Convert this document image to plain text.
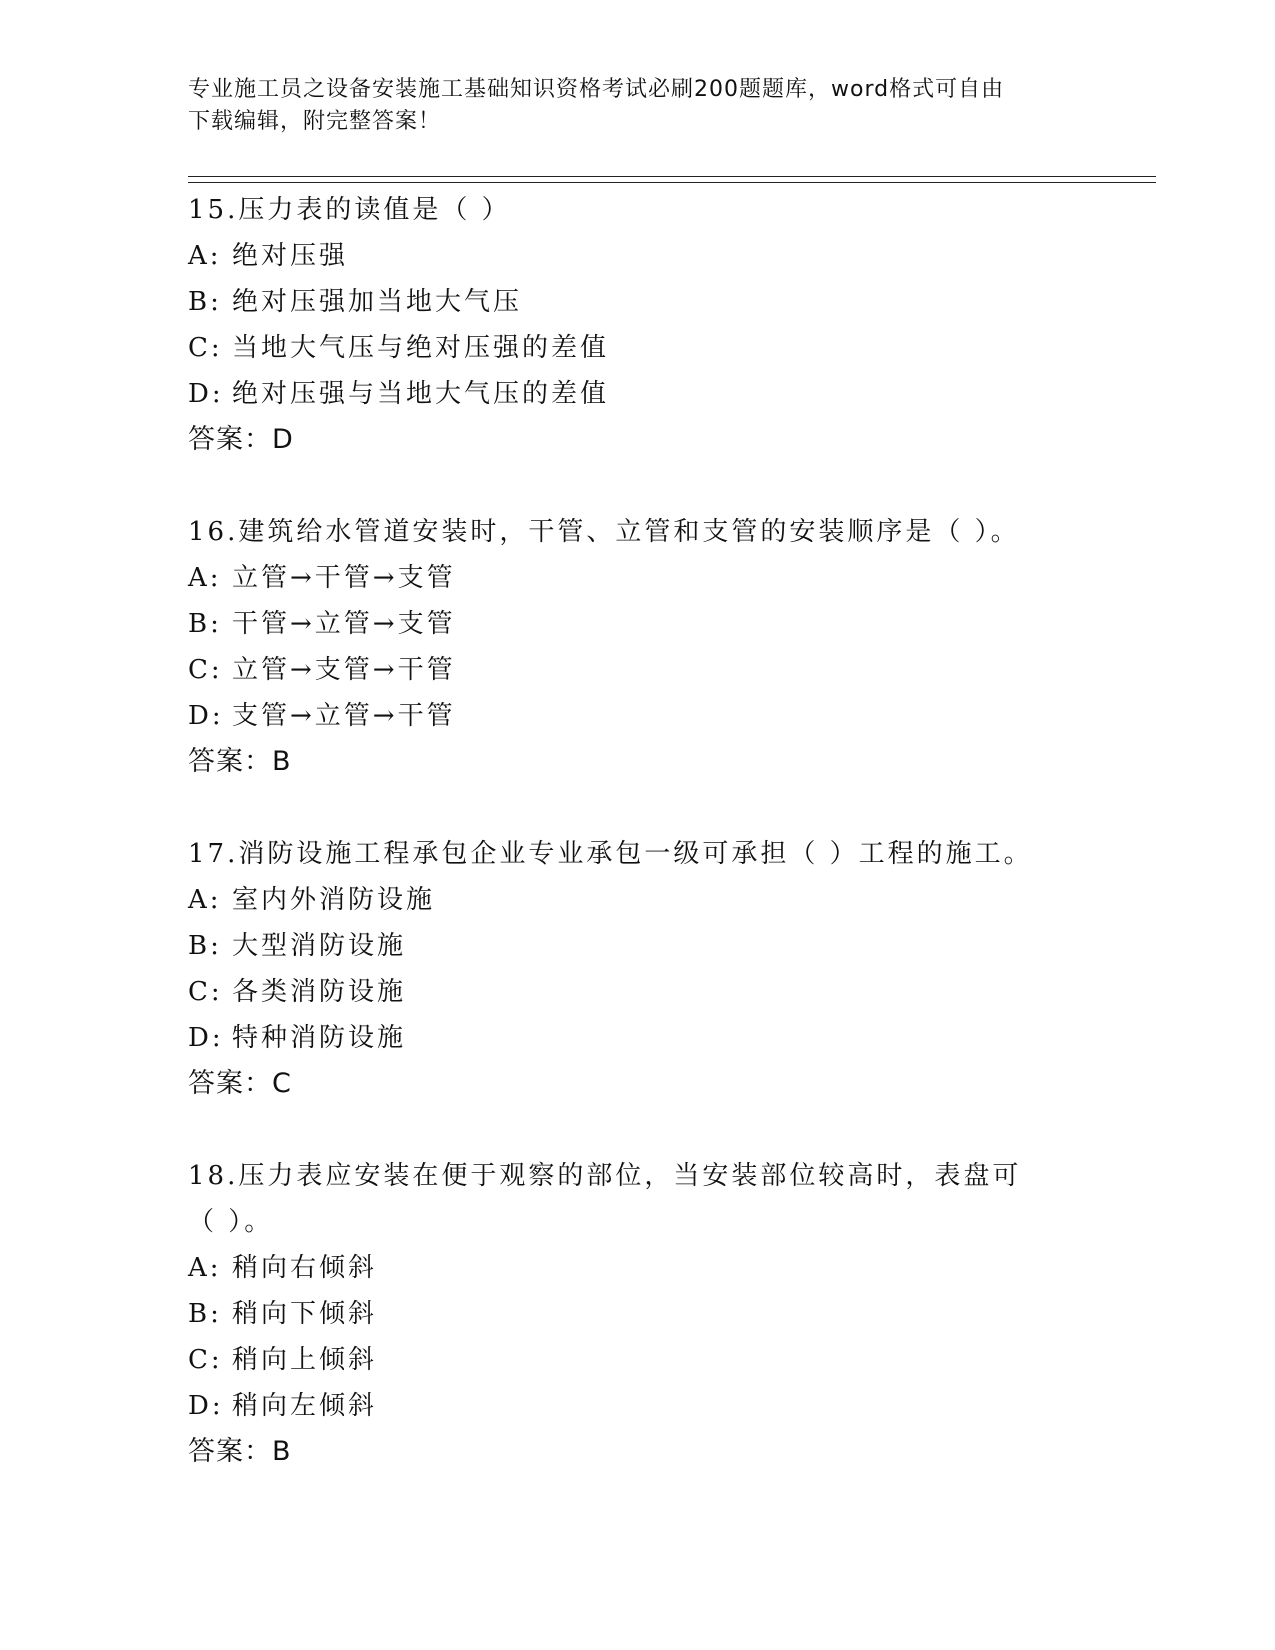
专业施工员之设备安装施工基础知识资格考试必刷200题题库，word格式可自由
下载编辑，附完整答案！
15.压力表的读值是（ ）
A: 绝对压强
B: 绝对压强加当地大气压
C: 当地大气压与绝对压强的差值
D: 绝对压强与当地大气压的差值
答案：D
16.建筑给水管道安装时，干管、立管和支管的安装顺序是（ ）。
A: 立管→干管→支管
B: 干管→立管→支管
C: 立管→支管→干管
D: 支管→立管→干管
答案：B
17.消防设施工程承包企业专业承包一级可承担（ ）工程的施工。
A: 室内外消防设施
B: 大型消防设施
C: 各类消防设施
D: 特种消防设施
答案：C
18.压力表应安装在便于观察的部位，当安装部位较高时，表盘可（ ）。
A: 稍向右倾斜
B: 稍向下倾斜
C: 稍向上倾斜
D: 稍向左倾斜
答案：B
